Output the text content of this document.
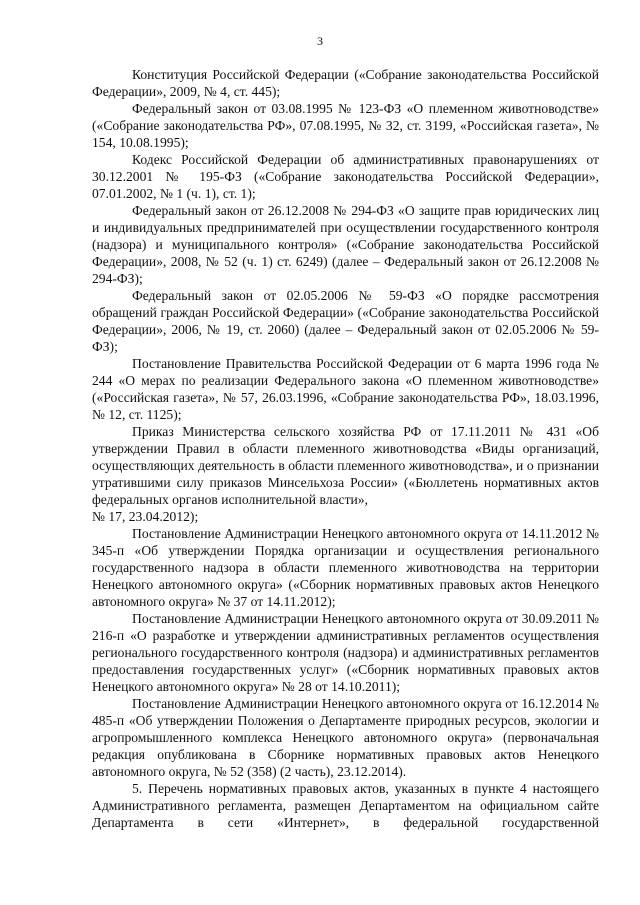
3

Конституция Российской Федерации («Собрание законодательства Российской Федерации», 2009, № 4, ст. 445);

Федеральный закон от 03.08.1995 № 123-ФЗ «О племенном животноводстве» («Собрание законодательства РФ», 07.08.1995, № 32, ст. 3199, «Российская газета», № 154, 10.08.1995);

Кодекс Российской Федерации об административных правонарушениях от 30.12.2001 № 195-ФЗ («Собрание законодательства Российской Федерации», 07.01.2002, № 1 (ч. 1), ст. 1);

Федеральный закон от 26.12.2008 № 294-ФЗ «О защите прав юридических лиц и индивидуальных предпринимателей при осуществлении государственного контроля (надзора) и муниципального контроля» («Собрание законодательства Российской Федерации», 2008, № 52 (ч. 1) ст. 6249) (далее – Федеральный закон от 26.12.2008 № 294-ФЗ);

Федеральный закон от 02.05.2006 № 59-ФЗ «О порядке рассмотрения обращений граждан Российской Федерации» («Собрание законодательства Российской Федерации», 2006, № 19, ст. 2060) (далее – Федеральный закон от 02.05.2006 № 59-ФЗ);

Постановление Правительства Российской Федерации от 6 марта 1996 года № 244 «О мерах по реализации Федерального закона «О племенном животноводстве» («Российская газета», № 57, 26.03.1996, «Собрание законодательства РФ», 18.03.1996, № 12, ст. 1125);

Приказ Министерства сельского хозяйства РФ от 17.11.2011 № 431 «Об утверждении Правил в области племенного животноводства «Виды организаций, осуществляющих деятельность в области племенного животноводства», и о признании утратившими силу приказов Минсельхоза России» («Бюллетень нормативных актов федеральных органов исполнительной власти»,
№ 17, 23.04.2012);

Постановление Администрации Ненецкого автономного округа от 14.11.2012 № 345-п «Об утверждении Порядка организации и осуществления регионального государственного надзора в области племенного животноводства на территории Ненецкого автономного округа» («Сборник нормативных правовых актов Ненецкого автономного округа» № 37 от 14.11.2012);

Постановление Администрации Ненецкого автономного округа от 30.09.2011 № 216-п «О разработке и утверждении административных регламентов осуществления регионального государственного контроля (надзора) и административных регламентов предоставления государственных услуг» («Сборник нормативных правовых актов Ненецкого автономного округа» № 28 от 14.10.2011);

Постановление Администрации Ненецкого автономного округа от 16.12.2014 № 485-п «Об утверждении Положения о Департаменте природных ресурсов, экологии и агропромышленного комплекса Ненецкого автономного округа» (первоначальная редакция опубликована в Сборнике нормативных правовых актов Ненецкого автономного округа, № 52 (358) (2 часть), 23.12.2014).

5. Перечень нормативных правовых актов, указанных в пункте 4 настоящего Административного регламента, размещен Департаментом на официальном сайте Департамента в сети «Интернет», в федеральной государственной
